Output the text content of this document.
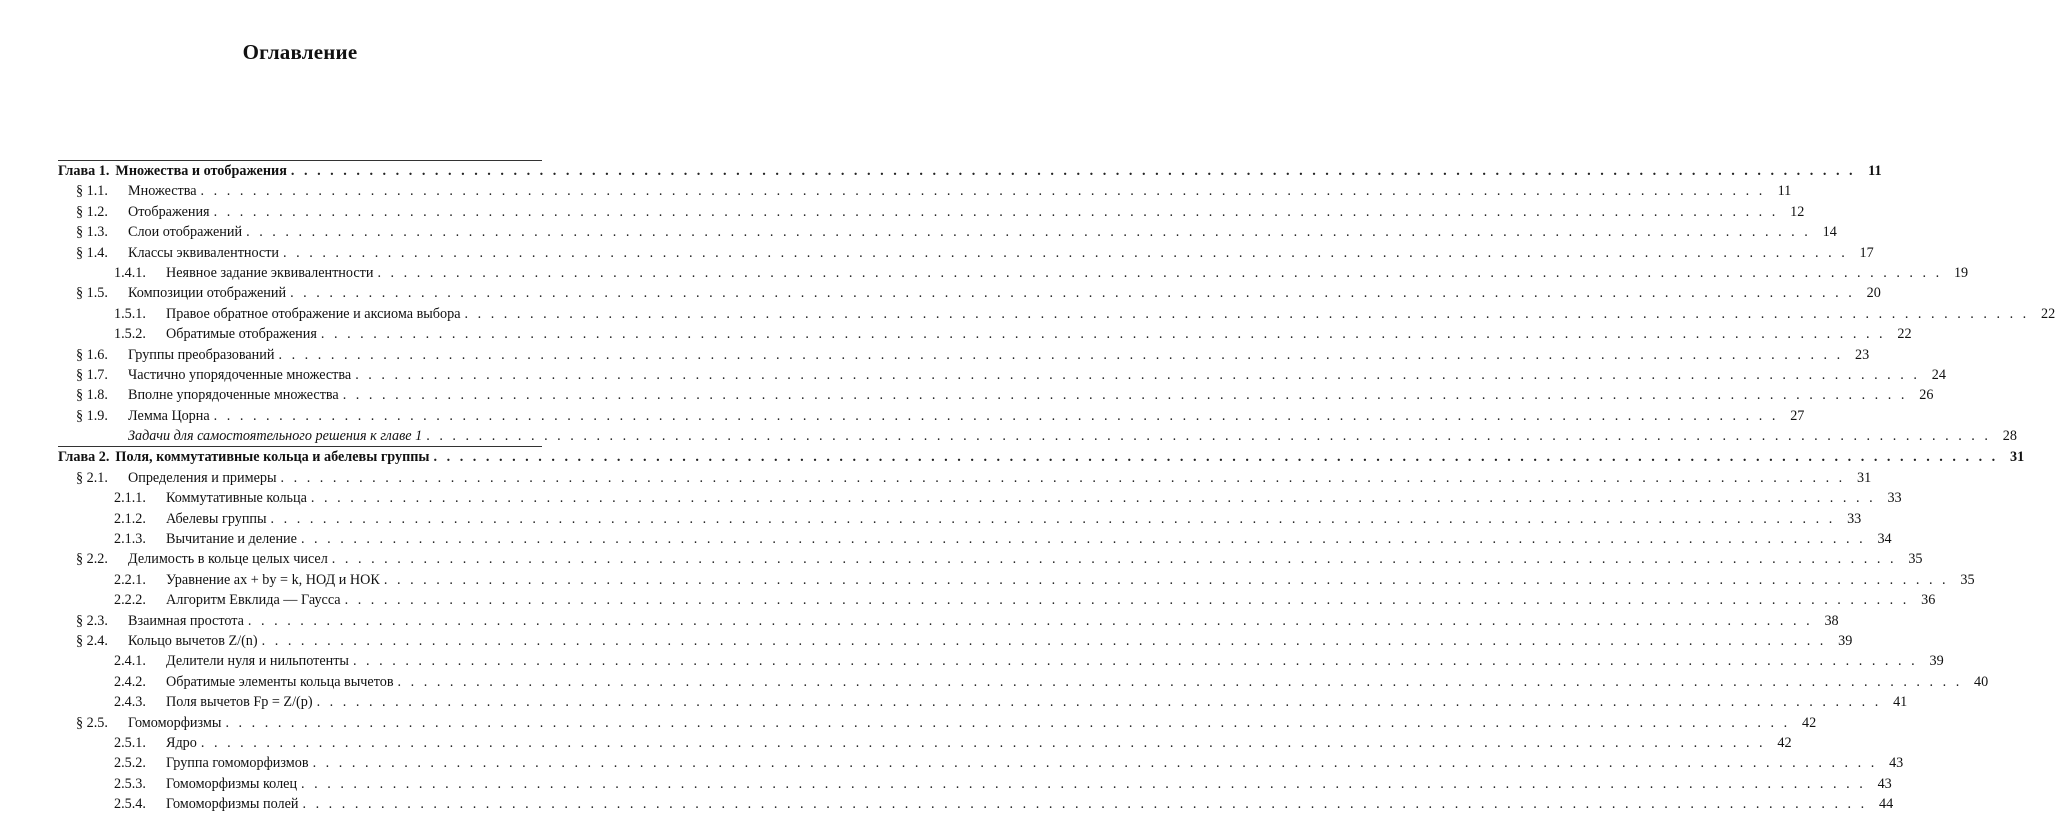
Оглавление
Глава 1. Множества и отображения . . . . . . . . . . . . . . . . . . . . . . . . . . . . . . . . . . . . . . . . . . . . . . . . . . . . . . . . . . . . . . . . . . . . . . . . . . . . . . . . . . . . . . . . . . . . . . . . . . . . . . . . . . . . . . . . . . . . . . . . 11
§ 1.1.	Множества . . . . . . . . . . . . . . . . . . . . . . . . . . . . . . . . . . . . . . . . . . . . . . . . . . . . . . . . . . . . . . . . . . . . . . . . . . . . . . . . . . . . . . . . . . . . . . . . . . . . . . . . . . . . . . . . . . . . . . . . 11
§ 1.2.	Отображения . . . . . . . . . . . . . . . . . . . . . . . . . . . . . . . . . . . . . . . . . . . . . . . . . . . . . . . . . . . . . . . . . . . . . . . . . . . . . . . . . . . . . . . . . . . . . . . . . . . . . . . . . . . . . . . . . . . . . . . . 12
§ 1.3.	Слои отображений . . . . . . . . . . . . . . . . . . . . . . . . . . . . . . . . . . . . . . . . . . . . . . . . . . . . . . . . . . . . . . . . . . . . . . . . . . . . . . . . . . . . . . . . . . . . . . . . . . . . . . . . . . . . . . . . . . . . . . . . 14
§ 1.4.	Классы эквивалентности . . . . . . . . . . . . . . . . . . . . . . . . . . . . . . . . . . . . . . . . . . . . . . . . . . . . . . . . . . . . . . . . . . . . . . . . . . . . . . . . . . . . . . . . . . . . . . . . . . . . . . . . . . . . . . . . . . . . . . . . 17
1.4.1.	Неявное задание эквивалентности . . . . . . . . . . . . . . . . . . . . . . . . . . . . . . . . . . . . . . . . . . . . . . . . . . . . . . . . . . . . . . . . . . . . . . . . . . . . . . . . . . . . . . . . . . . . . . . . . . . . . . . . . . . . . . . . . . . . . . . . 19
§ 1.5.	Композиции отображений . . . . . . . . . . . . . . . . . . . . . . . . . . . . . . . . . . . . . . . . . . . . . . . . . . . . . . . . . . . . . . . . . . . . . . . . . . . . . . . . . . . . . . . . . . . . . . . . . . . . . . . . . . . . . . . . . . . . . . . . 20
1.5.1.	Правое обратное отображение и аксиома выбора . . . . . . . . . . . . . . . . . . . . . . . . . . . . . . . . . . . . . . . . . . . . . . . . . . . . . . . . . . . . . . . . . . . . . . . . . . . . . . . . . . . . . . . . . . . . . . . . . . . . . . . . . . . . . . . . . . . . . . . . 22
1.5.2.	Обратимые отображения . . . . . . . . . . . . . . . . . . . . . . . . . . . . . . . . . . . . . . . . . . . . . . . . . . . . . . . . . . . . . . . . . . . . . . . . . . . . . . . . . . . . . . . . . . . . . . . . . . . . . . . . . . . . . . . . . . . . . . . . 22
§ 1.6.	Группы преобразований . . . . . . . . . . . . . . . . . . . . . . . . . . . . . . . . . . . . . . . . . . . . . . . . . . . . . . . . . . . . . . . . . . . . . . . . . . . . . . . . . . . . . . . . . . . . . . . . . . . . . . . . . . . . . . . . . . . . . . . . 23
§ 1.7.	Частично упорядоченные множества . . . . . . . . . . . . . . . . . . . . . . . . . . . . . . . . . . . . . . . . . . . . . . . . . . . . . . . . . . . . . . . . . . . . . . . . . . . . . . . . . . . . . . . . . . . . . . . . . . . . . . . . . . . . . . . . . . . . . . . . 24
§ 1.8.	Вполне упорядоченные множества . . . . . . . . . . . . . . . . . . . . . . . . . . . . . . . . . . . . . . . . . . . . . . . . . . . . . . . . . . . . . . . . . . . . . . . . . . . . . . . . . . . . . . . . . . . . . . . . . . . . . . . . . . . . . . . . . . . . . . . . 26
§ 1.9.	Лемма Цорна . . . . . . . . . . . . . . . . . . . . . . . . . . . . . . . . . . . . . . . . . . . . . . . . . . . . . . . . . . . . . . . . . . . . . . . . . . . . . . . . . . . . . . . . . . . . . . . . . . . . . . . . . . . . . . . . . . . . . . . . 27
Задачи для самостоятельного решения к главе 1 . . . . . . . . . . . . . . . . . . . . . . . . . . . . . . . . . . . . . . . . . . . . . . . . . . . . . . . . . . . . . . . . . . . . . . . . . . . . . . . . . . . . . . . . . . . . . . . . . . . . . . . . . . . . . . . . . . . . . . . . 28
Глава 2. Поля, коммутативные кольца и абелевы группы . . . . . . . . . . . . . . . . . . . . . . . . . . . . . . . . . . . . . . . . . . . . . . . . . . . . . . . . . . . . . . . . . . . . . . . . . . . . . . . . . . . . . . . . . . . . . . . . . . . . . . . . . . . . . . . . . . . . . . . . 31
§ 2.1.	Определения и примеры . . . . . . . . . . . . . . . . . . . . . . . . . . . . . . . . . . . . . . . . . . . . . . . . . . . . . . . . . . . . . . . . . . . . . . . . . . . . . . . . . . . . . . . . . . . . . . . . . . . . . . . . . . . . . . . . . . . . . . . . 31
2.1.1.	Коммутативные кольца . . . . . . . . . . . . . . . . . . . . . . . . . . . . . . . . . . . . . . . . . . . . . . . . . . . . . . . . . . . . . . . . . . . . . . . . . . . . . . . . . . . . . . . . . . . . . . . . . . . . . . . . . . . . . . . . . . . . . . . . 33
2.1.2.	Абелевы группы . . . . . . . . . . . . . . . . . . . . . . . . . . . . . . . . . . . . . . . . . . . . . . . . . . . . . . . . . . . . . . . . . . . . . . . . . . . . . . . . . . . . . . . . . . . . . . . . . . . . . . . . . . . . . . . . . . . . . . . . 33
2.1.3.	Вычитание и деление . . . . . . . . . . . . . . . . . . . . . . . . . . . . . . . . . . . . . . . . . . . . . . . . . . . . . . . . . . . . . . . . . . . . . . . . . . . . . . . . . . . . . . . . . . . . . . . . . . . . . . . . . . . . . . . . . . . . . . . . 34
§ 2.2.	Делимость в кольце целых чисел . . . . . . . . . . . . . . . . . . . . . . . . . . . . . . . . . . . . . . . . . . . . . . . . . . . . . . . . . . . . . . . . . . . . . . . . . . . . . . . . . . . . . . . . . . . . . . . . . . . . . . . . . . . . . . . . . . . . . . . . 35
2.2.1.	Уравнение ax + by = k, НОД и НОК . . . . . . . . . . . . . . . . . . . . . . . . . . . . . . . . . . . . . . . . . . . . . . . . . . . . . . . . . . . . . . . . . . . . . . . . . . . . . . . . . . . . . . . . . . . . . . . . . . . . . . . . . . . . . . . . . . . . . . . . 35
2.2.2.	Алгоритм Евклида — Гаусса . . . . . . . . . . . . . . . . . . . . . . . . . . . . . . . . . . . . . . . . . . . . . . . . . . . . . . . . . . . . . . . . . . . . . . . . . . . . . . . . . . . . . . . . . . . . . . . . . . . . . . . . . . . . . . . . . . . . . . . . 36
§ 2.3.	Взаимная простота . . . . . . . . . . . . . . . . . . . . . . . . . . . . . . . . . . . . . . . . . . . . . . . . . . . . . . . . . . . . . . . . . . . . . . . . . . . . . . . . . . . . . . . . . . . . . . . . . . . . . . . . . . . . . . . . . . . . . . . . 38
§ 2.4.	Кольцо вычетов Z/(n) . . . . . . . . . . . . . . . . . . . . . . . . . . . . . . . . . . . . . . . . . . . . . . . . . . . . . . . . . . . . . . . . . . . . . . . . . . . . . . . . . . . . . . . . . . . . . . . . . . . . . . . . . . . . . . . . . . . . . . . . 39
2.4.1.	Делители нуля и нильпотенты . . . . . . . . . . . . . . . . . . . . . . . . . . . . . . . . . . . . . . . . . . . . . . . . . . . . . . . . . . . . . . . . . . . . . . . . . . . . . . . . . . . . . . . . . . . . . . . . . . . . . . . . . . . . . . . . . . . . . . . . 39
2.4.2.	Обратимые элементы кольца вычетов . . . . . . . . . . . . . . . . . . . . . . . . . . . . . . . . . . . . . . . . . . . . . . . . . . . . . . . . . . . . . . . . . . . . . . . . . . . . . . . . . . . . . . . . . . . . . . . . . . . . . . . . . . . . . . . . . . . . . . . . 40
2.4.3.	Поля вычетов Fp = Z/(p) . . . . . . . . . . . . . . . . . . . . . . . . . . . . . . . . . . . . . . . . . . . . . . . . . . . . . . . . . . . . . . . . . . . . . . . . . . . . . . . . . . . . . . . . . . . . . . . . . . . . . . . . . . . . . . . . . . . . . . . . 41
§ 2.5.	Гомоморфизмы . . . . . . . . . . . . . . . . . . . . . . . . . . . . . . . . . . . . . . . . . . . . . . . . . . . . . . . . . . . . . . . . . . . . . . . . . . . . . . . . . . . . . . . . . . . . . . . . . . . . . . . . . . . . . . . . . . . . . . . . 42
2.5.1.	Ядро . . . . . . . . . . . . . . . . . . . . . . . . . . . . . . . . . . . . . . . . . . . . . . . . . . . . . . . . . . . . . . . . . . . . . . . . . . . . . . . . . . . . . . . . . . . . . . . . . . . . . . . . . . . . . . . . . . . . . . . . 42
2.5.2.	Группа гомоморфизмов . . . . . . . . . . . . . . . . . . . . . . . . . . . . . . . . . . . . . . . . . . . . . . . . . . . . . . . . . . . . . . . . . . . . . . . . . . . . . . . . . . . . . . . . . . . . . . . . . . . . . . . . . . . . . . . . . . . . . . . . 43
2.5.3.	Гомоморфизмы колец . . . . . . . . . . . . . . . . . . . . . . . . . . . . . . . . . . . . . . . . . . . . . . . . . . . . . . . . . . . . . . . . . . . . . . . . . . . . . . . . . . . . . . . . . . . . . . . . . . . . . . . . . . . . . . . . . . . . . . . . 43
2.5.4.	Гомоморфизмы полей . . . . . . . . . . . . . . . . . . . . . . . . . . . . . . . . . . . . . . . . . . . . . . . . . . . . . . . . . . . . . . . . . . . . . . . . . . . . . . . . . . . . . . . . . . . . . . . . . . . . . . . . . . . . . . . . . . . . . . . . 44
